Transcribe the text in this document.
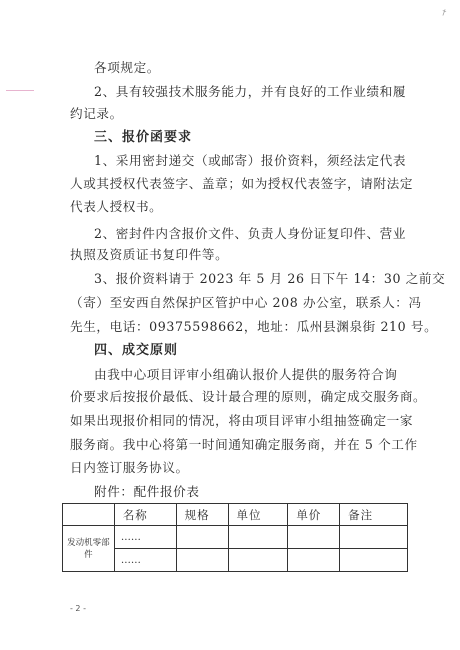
†
各项规定。
2、具有较强技术服务能力，并有良好的工作业绩和履
约记录。
三、报价函要求
1、采用密封递交（或邮寄）报价资料，须经法定代表
人或其授权代表签字、盖章；如为授权代表签字，请附法定
代表人授权书。
2、密封件内含报价文件、负责人身份证复印件、营业
执照及资质证书复印件等。
3、报价资料请于 2023 年 5 月 26 日下午 14：30 之前交
（寄）至安西自然保护区管护中心 208 办公室，联系人：冯
先生，电话：09375598662，地址：瓜州县渊泉街 210 号。
四、成交原则
由我中心项目评审小组确认报价人提供的服务符合询
价要求后按报价最低、设计最合理的原则，确定成交服务商。
如果出现报价相同的情况，将由项目评审小组抽签确定一家
服务商。我中心将第一时间通知确定服务商，并在 5 个工作
日内签订服务协议。
附件：配件报价表
	名称	规格	单位	单价	备注
发动机零部件	……				
	……				
- 2 -
